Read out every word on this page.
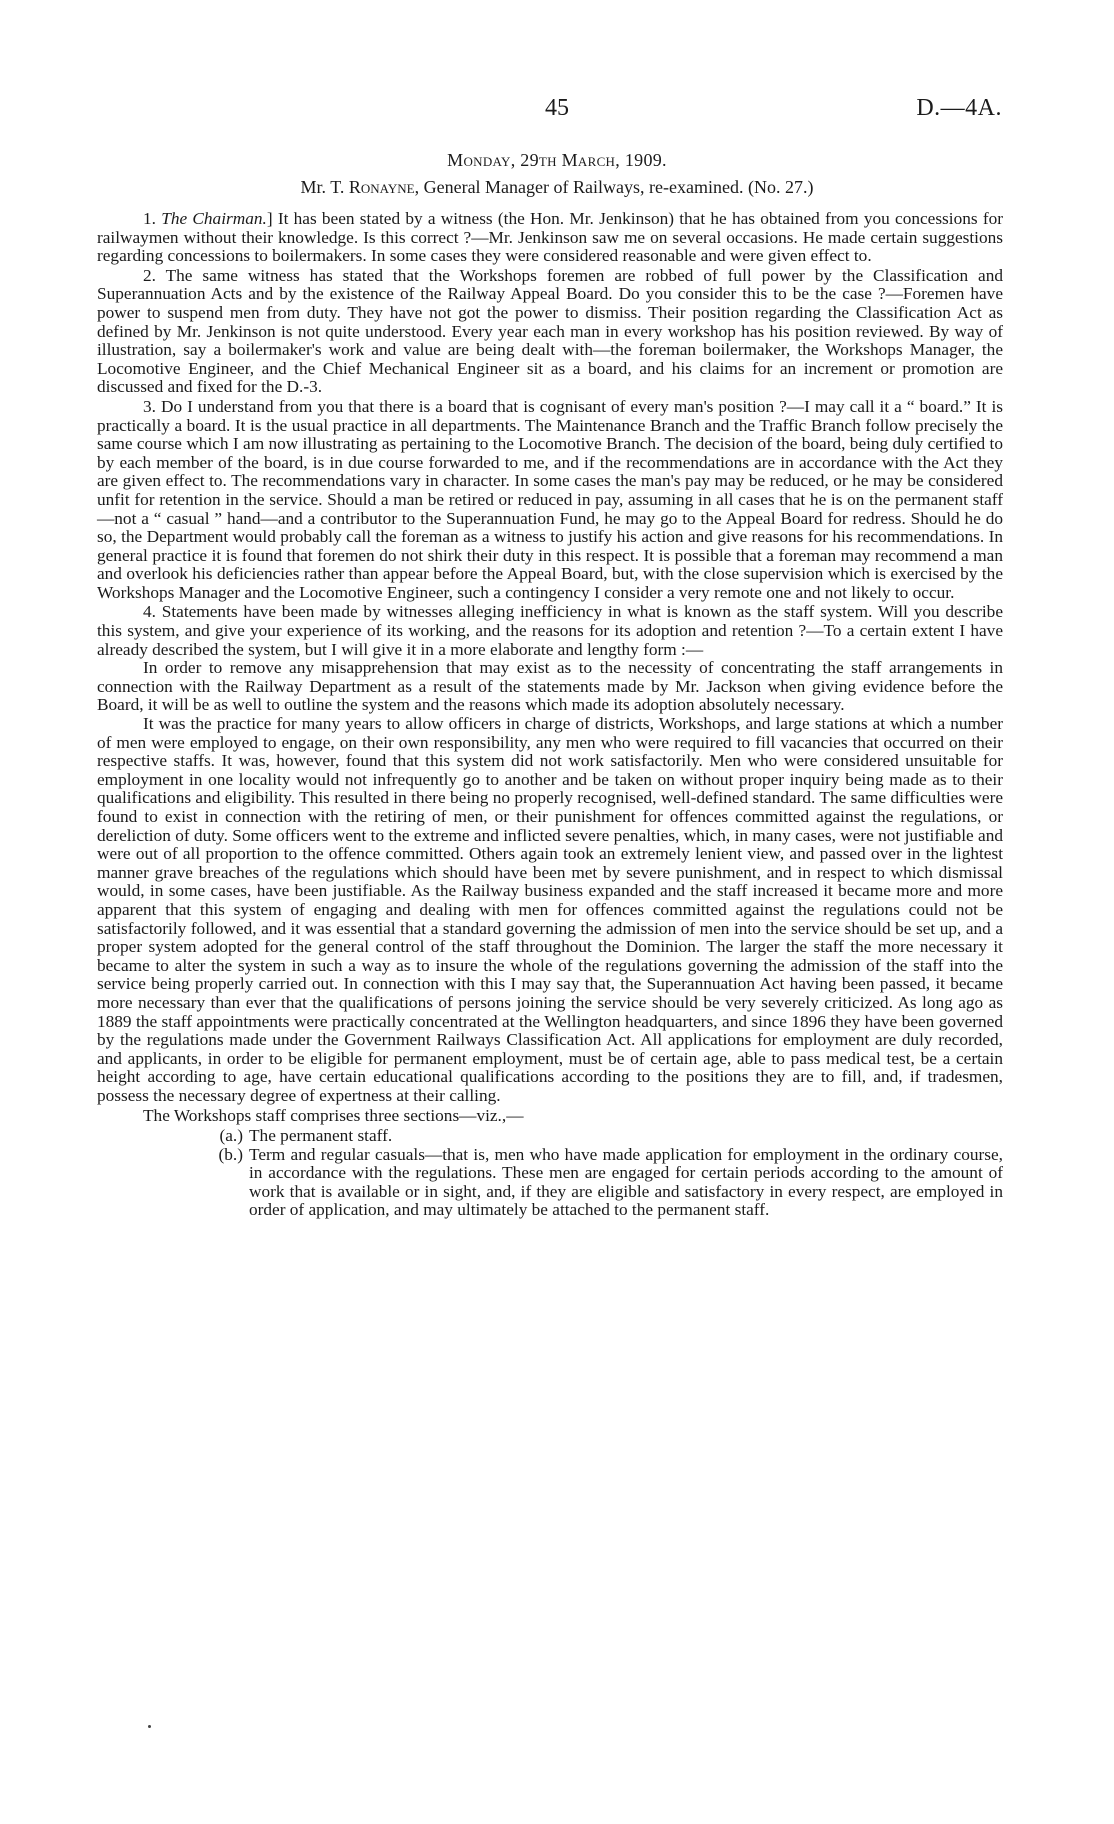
45	D.—4A.
Monday, 29th March, 1909.
Mr. T. Ronayne, General Manager of Railways, re-examined. (No. 27.)

1. The Chairman.] It has been stated by a witness (the Hon. Mr. Jenkinson) that he has obtained from you concessions for railwaymen without their knowledge. Is this correct ?—Mr. Jenkinson saw me on several occasions. He made certain suggestions regarding concessions to boilermakers. In some cases they were considered reasonable and were given effect to.

2. The same witness has stated that the Workshops foremen are robbed of full power by the Classification and Superannuation Acts and by the existence of the Railway Appeal Board. Do you consider this to be the case ?—Foremen have power to suspend men from duty. They have not got the power to dismiss. Their position regarding the Classification Act as defined by Mr. Jenkinson is not quite understood. Every year each man in every workshop has his position reviewed. By way of illustration, say a boilermaker's work and value are being dealt with—the foreman boilermaker, the Workshops Manager, the Locomotive Engineer, and the Chief Mechanical Engineer sit as a board, and his claims for an increment or promotion are discussed and fixed for the D.-3.

3. Do I understand from you that there is a board that is cognisant of every man's position ?—I may call it a “ board.” It is practically a board. It is the usual practice in all departments. The Maintenance Branch and the Traffic Branch follow precisely the same course which I am now illustrating as pertaining to the Locomotive Branch. The decision of the board, being duly certified to by each member of the board, is in due course forwarded to me, and if the recommendations are in accordance with the Act they are given effect to. The recommendations vary in character. In some cases the man's pay may be reduced, or he may be considered unfit for retention in the service. Should a man be retired or reduced in pay, assuming in all cases that he is on the permanent staff—not a “ casual ” hand—and a contributor to the Superannuation Fund, he may go to the Appeal Board for redress. Should he do so, the Department would probably call the foreman as a witness to justify his action and give reasons for his recommendations. In general practice it is found that foremen do not shirk their duty in this respect. It is possible that a foreman may recommend a man and overlook his deficiencies rather than appear before the Appeal Board, but, with the close supervision which is exercised by the Workshops Manager and the Locomotive Engineer, such a contingency I consider a very remote one and not likely to occur.

4. Statements have been made by witnesses alleging inefficiency in what is known as the staff system. Will you describe this system, and give your experience of its working, and the reasons for its adoption and retention ?—To a certain extent I have already described the system, but I will give it in a more elaborate and lengthy form :—

In order to remove any misapprehension that may exist as to the necessity of concentrating the staff arrangements in connection with the Railway Department as a result of the statements made by Mr. Jackson when giving evidence before the Board, it will be as well to outline the system and the reasons which made its adoption absolutely necessary.

It was the practice for many years to allow officers in charge of districts, Workshops, and large stations at which a number of men were employed to engage, on their own responsibility, any men who were required to fill vacancies that occurred on their respective staffs. It was, however, found that this system did not work satisfactorily. Men who were considered unsuitable for employment in one locality would not infrequently go to another and be taken on without proper inquiry being made as to their qualifications and eligibility. This resulted in there being no properly recognised, well-defined standard. The same difficulties were found to exist in connection with the retiring of men, or their punishment for offences committed against the regulations, or dereliction of duty. Some officers went to the extreme and inflicted severe penalties, which, in many cases, were not justifiable and were out of all proportion to the offence committed. Others again took an extremely lenient view, and passed over in the lightest manner grave breaches of the regulations which should have been met by severe punishment, and in respect to which dismissal would, in some cases, have been justifiable. As the Railway business expanded and the staff increased it became more and more apparent that this system of engaging and dealing with men for offences committed against the regulations could not be satisfactorily followed, and it was essential that a standard governing the admission of men into the service should be set up, and a proper system adopted for the general control of the staff throughout the Dominion. The larger the staff the more necessary it became to alter the system in such a way as to insure the whole of the regulations governing the admission of the staff into the service being properly carried out. In connection with this I may say that, the Superannuation Act having been passed, it became more necessary than ever that the qualifications of persons joining the service should be very severely criticized. As long ago as 1889 the staff appointments were practically concentrated at the Wellington headquarters, and since 1896 they have been governed by the regulations made under the Government Railways Classification Act. All applications for employment are duly recorded, and applicants, in order to be eligible for permanent employment, must be of certain age, able to pass medical test, be a certain height according to age, have certain educational qualifications according to the positions they are to fill, and, if tradesmen, possess the necessary degree of expertness at their calling.

The Workshops staff comprises three sections—viz.,—

(a.) The permanent staff.
(b.) Term and regular casuals—that is, men who have made application for employment in the ordinary course, in accordance with the regulations. These men are engaged for certain periods according to the amount of work that is available or in sight, and, if they are eligible and satisfactory in every respect, are employed in order of application, and may ultimately be attached to the permanent staff.
